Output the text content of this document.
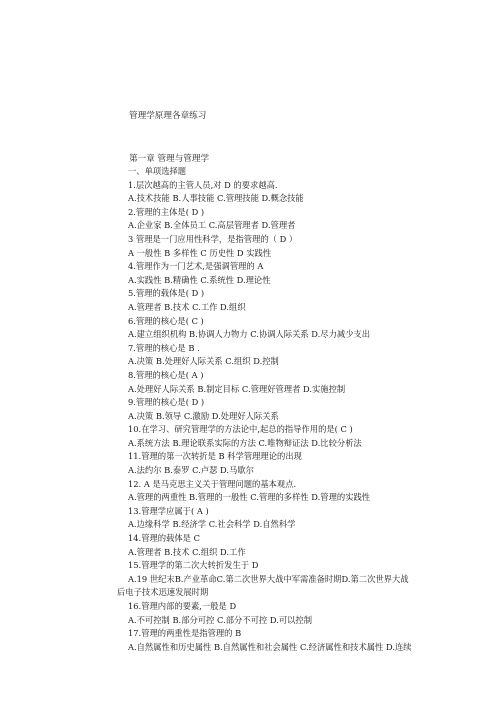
管理学原理各章练习
第一章 管理与管理学
一、单项选择题
1.层次越高的主管人员,对 D 的要求越高.
A.技术技能 B.人事技能 C.管理技能 D.概念技能
2.管理的主体是( D )
A.企业家 B.全体员工 C.高层管理者 D.管理者
3 管理是一门应用性科学，是指管理的（ D ）
A 一般性 B 多样性 C 历史性 D 实践性
4.管理作为一门艺术,是强调管理的 A
A.实践性 B.精确性 C.系统性 D.理论性
5.管理的载体是( D )
A.管理者 B.技术 C.工作 D.组织
6.管理的核心是( C )
A.建立组织机构 B.协调人力物力 C.协调人际关系 D.尽力减少支出
7.管理的核心是 B .
A.决策 B.处理好人际关系 C.组织 D.控制
8.管理的核心是( A )
A.处理好人际关系 B.制定目标 C.管理好管理者 D.实施控制
9.管理的核心是( D )
A.决策 B.领导 C.激励 D.处理好人际关系
10.在学习、研究管理学的方法论中,起总的指导作用的是( C )
A.系统方法 B.理论联系实际的方法 C.唯物辩证法 D.比较分析法
11.管理的第一次转折是 B 科学管理理论的出现
A.法约尔 B.泰罗 C.卢瑟 D.马歇尔
12. A 是马克思主义关于管理问题的基本观点.
A.管理的两重性 B.管理的一般性 C.管理的多样性 D.管理的实践性
13.管理学应属于( A )
A.边缘科学 B.经济学 C.社会科学 D.自然科学
14.管理的载体是 C
A.管理者 B.技术 C.组织 D.工作
15.管理学的第二次大转折发生于 D
A.19 世纪末B.产业革命C.第二次世界大战中军需准备时期D.第二次世界大战
后电子技术迅速发展时期
16.管理内部的要素,一般是 D
A.不可控制 B.部分可控 C.部分不可控 D.可以控制
17.管理的两重性是指管理的 B
A.自然属性和历史属性 B.自然属性和社会属性 C.经济属性和技术属性 D.连续
